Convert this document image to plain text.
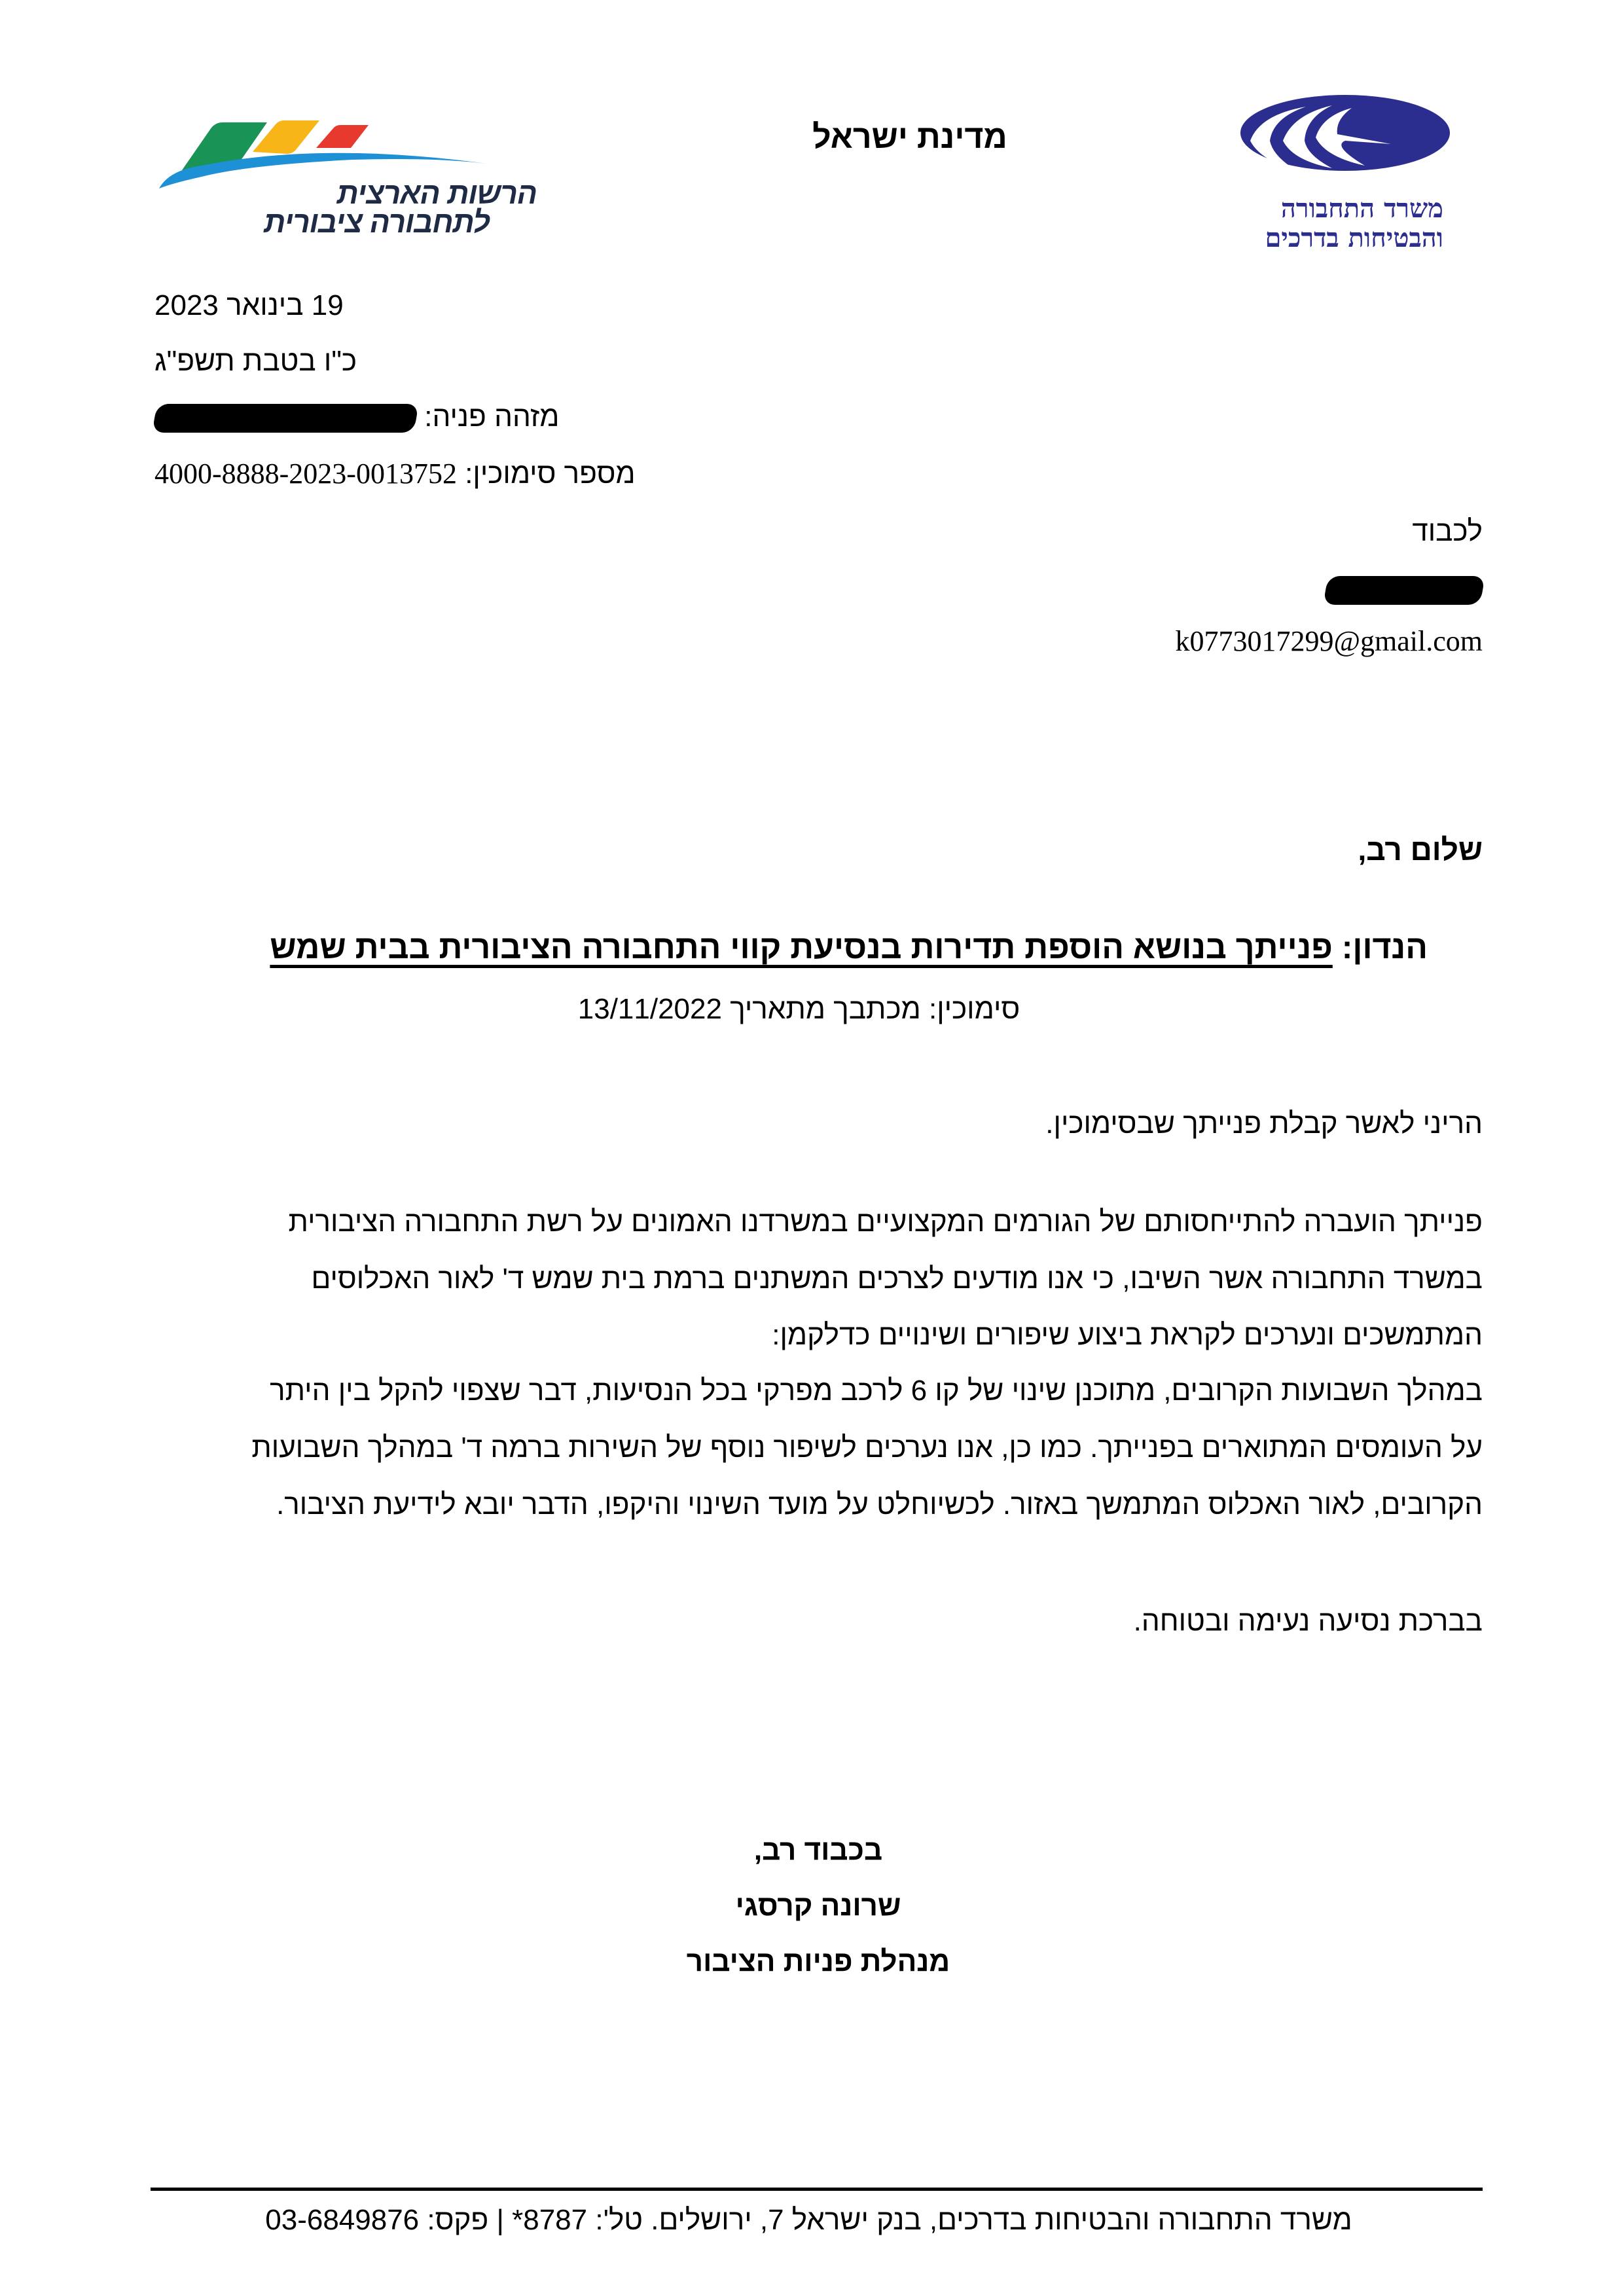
הרשות הארצית
לתחבורה ציבורית
מדינת ישראל
משרד התחבורה
והבטיחות בדרכים
19 בינואר 2023
כ"ו בטבת תשפ"ג
מזהה פניה:
מספר סימוכין: 4000-8888-2023-0013752
לכבוד
k0773017299@gmail.com
שלום רב,
הנדון: פנייתך בנושא הוספת תדירות בנסיעת קווי התחבורה הציבורית בבית שמש
סימוכין: מכתבך מתאריך 13/11/2022
הריני לאשר קבלת פנייתך שבסימוכין.
פנייתך הועברה להתייחסותם של הגורמים המקצועיים במשרדנו האמונים על רשת התחבורה הציבורית
במשרד התחבורה אשר השיבו, כי אנו מודעים לצרכים המשתנים ברמת בית שמש ד' לאור האכלוסים
המתמשכים ונערכים לקראת ביצוע שיפורים ושינויים כדלקמן:
במהלך השבועות הקרובים, מתוכנן שינוי של קו 6 לרכב מפרקי בכל הנסיעות, דבר שצפוי להקל בין היתר
על העומסים המתוארים בפנייתך. כמו כן, אנו נערכים לשיפור נוסף של השירות ברמה ד' במהלך השבועות
הקרובים, לאור האכלוס המתמשך באזור. לכשיוחלט על מועד השינוי והיקפו, הדבר יובא לידיעת הציבור.
בברכת נסיעה נעימה ובטוחה.
בכבוד רב,
שרונה קרסגי
מנהלת פניות הציבור
משרד התחבורה והבטיחות בדרכים, בנק ישראל 7, ירושלים. טל': 8787* | פקס: 03-6849876
